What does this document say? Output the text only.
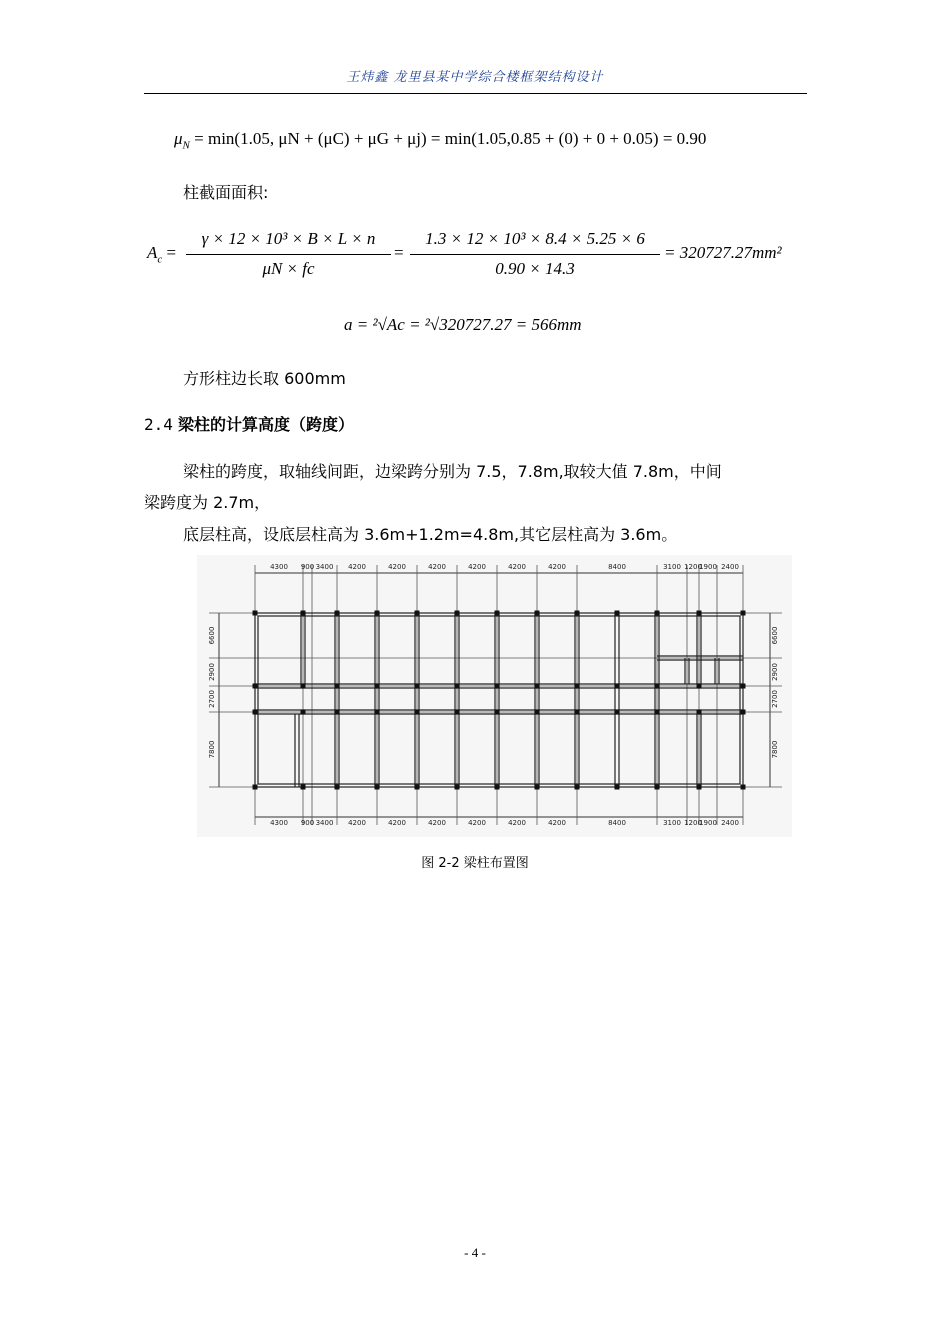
王炜鑫 龙里县某中学综合楼框架结构设计
$\mu_N = \min(1.05$, μN + (μC) + μG + μj) = min(1.05,0.85 + (0) + 0 + 0.05) = 0.90
柱截面面积:
$A_c$ =
γ × 12 × 10³ × B × L × n
μN × fc
=
1.3 × 12 × 10³ × 8.4 × 5.25 × 6
0.90 × 14.3
= 320727.27mm²
a = ²√Ac = ²√320727.27 = 566mm
方形柱边长取 600mm
2.4 梁柱的计算高度（跨度）
梁柱的跨度，取轴线间距，边梁跨分别为 7.5，7.8m,取较大值 7.8m，中间
梁跨度为 2.7m，
底层柱高，设底层柱高为 3.6m+1.2m=4.8m,其它层柱高为 3.6m。
4300 900 3400 4200	4200	4200	4200	4200	4200	8400	3100 1200
1900 2400
4300 900 3400 4200	4200	4200	4200	4200	4200	8400	3100 1200
1900 2400
6600	6600
2900	2900
2700	2700
7800	7800
图 2-2 梁柱布置图
- 4 -
